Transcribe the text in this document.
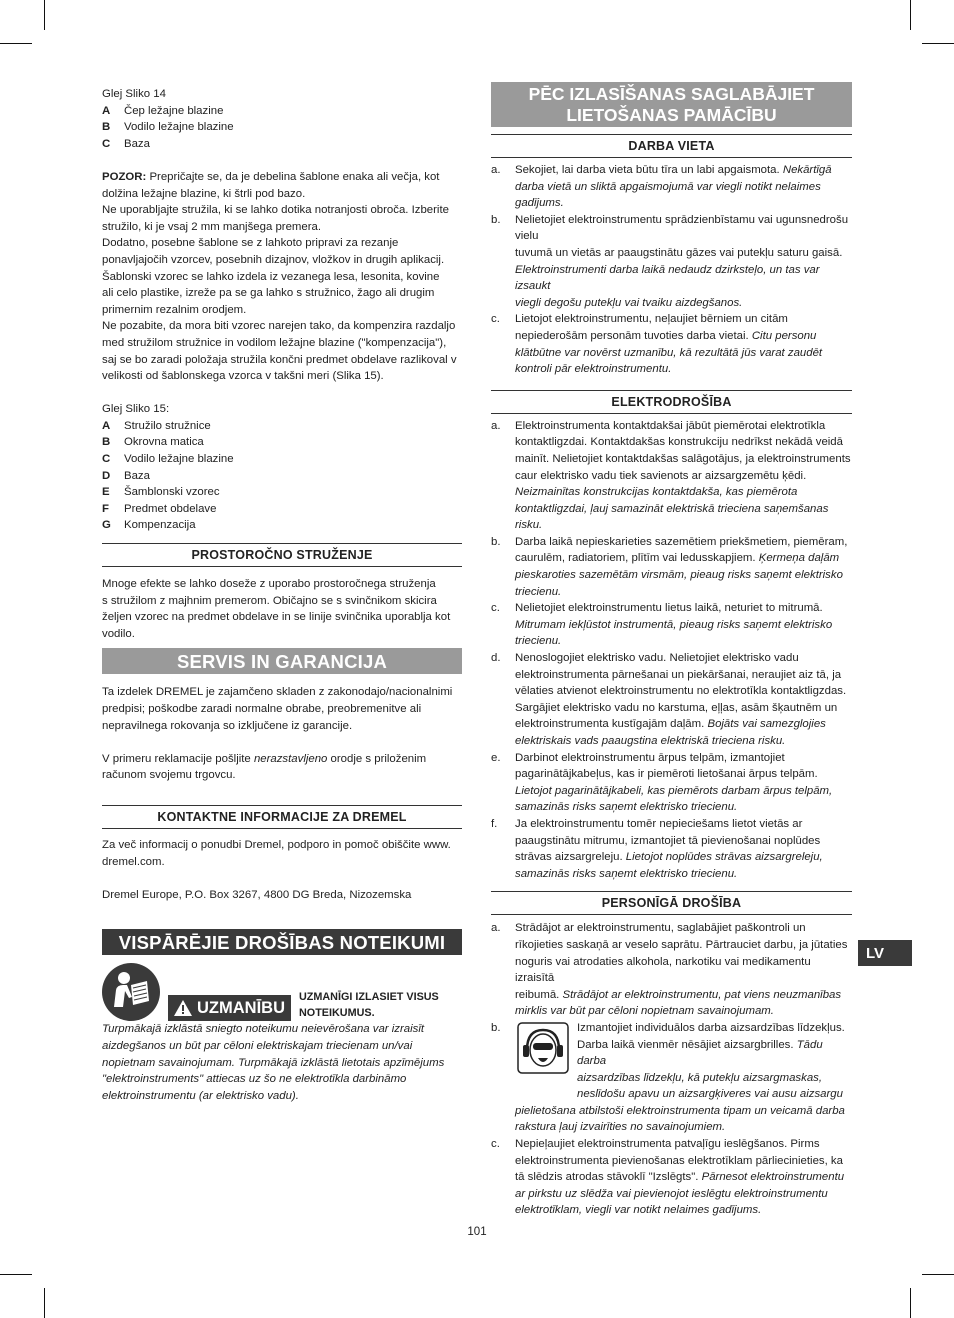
Glej Sliko 14
A	Čep ležajne blazine
B	Vodilo ležajne blazine
C	Baza
POZOR: Prepričajte se, da je debelina šablone enaka ali večja, kot
dolžina ležajne blazine, ki štrli pod bazo.
Ne uporabljajte stružila, ki se lahko dotika notranjosti obroča. Izberite
stružilo, ki je vsaj 2 mm manjšega premera.
Dodatno, posebne šablone se z lahkoto pripravi za rezanje
ponavljajočih vzorcev, posebnih dizajnov, vložkov in drugih aplikacij.
Šablonski vzorec se lahko izdela iz vezanega lesa, lesonita, kovine
ali celo plastike, izreže pa se ga lahko s stružnico, žago ali drugim
primernim rezalnim orodjem.
Ne pozabite, da mora biti vzorec narejen tako, da kompenzira razdaljo
med stružilom stružnice in vodilom ležajne blazine ("kompenzacija"),
saj se bo zaradi položaja stružila končni predmet obdelave razlikoval v
velikosti od šablonskega vzorca v takšni meri (Slika 15).
Glej Sliko 15:
A	Stružilo stružnice
B	Okrovna matica
C	Vodilo ležajne blazine
D	Baza
E	Šamblonski vzorec
F	Predmet obdelave
G	Kompenzacija
PROSTOROČNO STRUŽENJE
Mnoge efekte se lahko doseže z uporabo prostoročnega struženja
s stružilom z majhnim premerom. Običajno se s svinčnikom skicira
željen vzorec na predmet obdelave in se linije svinčnika uporablja kot
vodilo.
SERVIS IN GARANCIJA
Ta izdelek DREMEL je zajamčeno skladen z zakonodajo/nacionalnimi
predpisi; poškodbe zaradi normalne obrabe, preobremenitve ali
nepravilnega rokovanja so izključene iz garancije.
V primeru reklamacije pošljite nerazstavljeno orodje s priloženim
računom svojemu trgovcu.
KONTAKTNE INFORMACIJE ZA DREMEL
Za več informacij o ponudbi Dremel, podporo in pomoč obiščite www.
dremel.com.
Dremel Europe, P.O. Box 3267, 4800 DG Breda, Nizozemska
VISPĀRĒJIE DROŠĪBAS NOTEIKUMI
UZMANĪBU
UZMANĪGI IZLASIET VISUS
NOTEIKUMUS.
Turpmākajā izklāstā sniegto noteikumu neievērošana var izraisīt
aizdegšanos un būt par cēloni elektriskajam triecienam un/vai
nopietnam savainojumam. Turpmākajā izklāstā lietotais apzīmējums
"elektroinstruments" attiecas uz šo ne elektrotīkla darbināmo
elektroinstrumentu (ar elektrisko vadu).
PĒC IZLASĪŠANAS SAGLABĀJIET
LIETOŠANAS PAMĀCĪBU
DARBA VIETA
a.	Sekojiet, lai darba vieta būtu tīra un labi apgaismota. Nekārtīgā
darba vietā un sliktā apgaismojumā var viegli notikt nelaimes
gadījums.
b.	Nelietojiet elektroinstrumentu sprādzienbīstamu vai ugunsnedrošu vielu
tuvumā un vietās ar paaugstinātu gāzes vai putekļu saturu gaisā.
Elektroinstrumenti darba laikā nedaudz dzirksteļo, un tas var izsaukt
viegli degošu putekļu vai tvaiku aizdegšanos.
c.	Lietojot elektroinstrumentu, neļaujiet bērniem un citām
nepiederošām personām tuvoties darba vietai. Citu personu
klātbūtne var novērst uzmanību, kā rezultātā jūs varat zaudēt
kontroli pār elektroinstrumentu.
ELEKTRODROŠĪBA
a.	Elektroinstrumenta kontaktdakšai jābūt piemērotai elektrotīkla
kontaktligzdai. Kontaktdakšas konstrukciju nedrīkst nekādā veidā
mainīt. Nelietojiet kontaktdakšas salāgotājus, ja elektroinstruments
caur elektrisko vadu tiek savienots ar aizsargzemētu ķēdi.
Neizmainītas konstrukcijas kontaktdakša, kas piemērota
kontaktligzdai, ļauj samazināt elektriskā trieciena saņemšanas risku.
b.	Darba laikā nepieskarieties sazemētiem priekšmetiem, piemēram,
caurulēm, radiatoriem, plītīm vai ledusskapjiem. Ķermeņa daļām
pieskaroties sazemētām virsmām, pieaug risks saņemt elektrisko
triecienu.
c.	Nelietojiet elektroinstrumentu lietus laikā, neturiet to mitrumā.
Mitrumam iekļūstot instrumentā, pieaug risks saņemt elektrisko
triecienu.
d.	Nenoslogojiet elektrisko vadu. Nelietojiet elektrisko vadu
elektroinstrumenta pārnešanai un piekāršanai, neraujiet aiz tā, ja
vēlaties atvienot elektroinstrumentu no elektrotīkla kontaktligzdas.
Sargājiet elektrisko vadu no karstuma, eļļas, asām šķautnēm un
elektroinstrumenta kustīgajām daļām. Bojāts vai samezglojies
elektriskais vads paaugstina elektriskā trieciena risku.
e.	Darbinot elektroinstrumentu ārpus telpām, izmantojiet
pagarinātājkabeļus, kas ir piemēroti lietošanai ārpus telpām.
Lietojot pagarinātājkabeli, kas piemērots darbam ārpus telpām,
samazinās risks saņemt elektrisko triecienu.
f.	Ja elektroinstrumentu tomēr nepieciešams lietot vietās ar
paaugstinātu mitrumu, izmantojiet tā pievienošanai noplūdes
strāvas aizsargreleju. Lietojot noplūdes strāvas aizsargreleju,
samazinās risks saņemt elektrisko triecienu.
PERSONĪGĀ DROŠĪBA
a.	Strādājot ar elektroinstrumentu, saglabājiet paškontroli un
rīkojieties saskaņā ar veselo saprātu. Pārtrauciet darbu, ja jūtaties
noguris vai atrodaties alkohola, narkotiku vai medikamentu izraisītā
reibumā. Strādājot ar elektroinstrumentu, pat viens neuzmanības
mirklis var būt par cēloni nopietnam savainojumam.
b.	Izmantojiet individuālos darba aizsardzības līdzekļus.
Darba laikā vienmēr nēsājiet aizsargbrilles. Tādu darba
aizsardzības līdzekļu, kā putekļu aizsargmaskas,
neslīdošu apavu un aizsargķiveres vai ausu aizsargu
pielietošana atbilstoši elektroinstrumenta tipam un veicamā darba
rakstura ļauj izvairīties no savainojumiem.
c.	Nepieļaujiet elektroinstrumenta patvaļīgu ieslēgšanos. Pirms
elektroinstrumenta pievienošanas elektrotīklam pārliecinieties, ka
tā slēdzis atrodas stāvoklī "Izslēgts". Pārnesot elektroinstrumentu
ar pirkstu uz slēdža vai pievienojot ieslēgtu elektroinstrumentu
elektrotīklam, viegli var notikt nelaimes gadījums.
LV
101
